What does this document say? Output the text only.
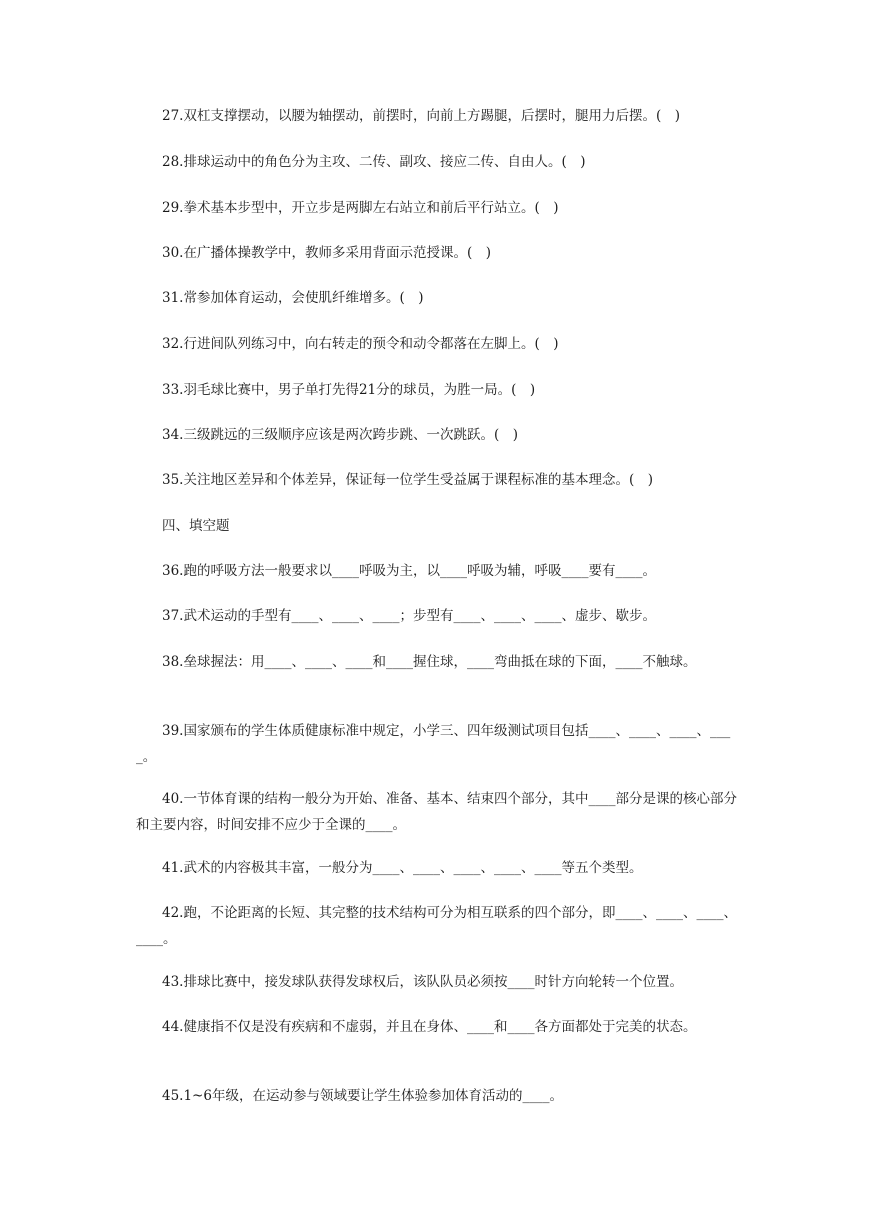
27.双杠支撑摆动，以腰为轴摆动，前摆时，向前上方踢腿，后摆时，腿用力后摆。(　)

28.排球运动中的角色分为主攻、二传、副攻、接应二传、自由人。(　)

29.拳术基本步型中，开立步是两脚左右站立和前后平行站立。(　)

30.在广播体操教学中，教师多采用背面示范授课。(　)

31.常参加体育运动，会使肌纤维增多。(　)

32.行进间队列练习中，向右转走的预令和动令都落在左脚上。(　)

33.羽毛球比赛中，男子单打先得21分的球员，为胜一局。(　)

34.三级跳远的三级顺序应该是两次跨步跳、一次跳跃。(　)

35.关注地区差异和个体差异，保证每一位学生受益属于课程标准的基本理念。(　)

四、填空题

36.跑的呼吸方法一般要求以____呼吸为主，以____呼吸为辅，呼吸____要有____。

37.武术运动的手型有____、____、____；步型有____、____、____、虚步、歇步。

38.垒球握法：用____、____、____和____握住球，____弯曲抵在球的下面，____不触球。

39.国家颁布的学生体质健康标准中规定，小学三、四年级测试项目包括____、____、____、____。

40.一节体育课的结构一般分为开始、准备、基本、结束四个部分，其中____部分是课的核心部分和主要内容，时间安排不应少于全课的____。

41.武术的内容极其丰富，一般分为____、____、____、____、____等五个类型。

42.跑，不论距离的长短、其完整的技术结构可分为相互联系的四个部分，即____、____、____、____。

43.排球比赛中，接发球队获得发球权后，该队队员必须按____时针方向轮转一个位置。

44.健康指不仅是没有疾病和不虚弱，并且在身体、____和____各方面都处于完美的状态。

45.1~6年级，在运动参与领域要让学生体验参加体育活动的____。
